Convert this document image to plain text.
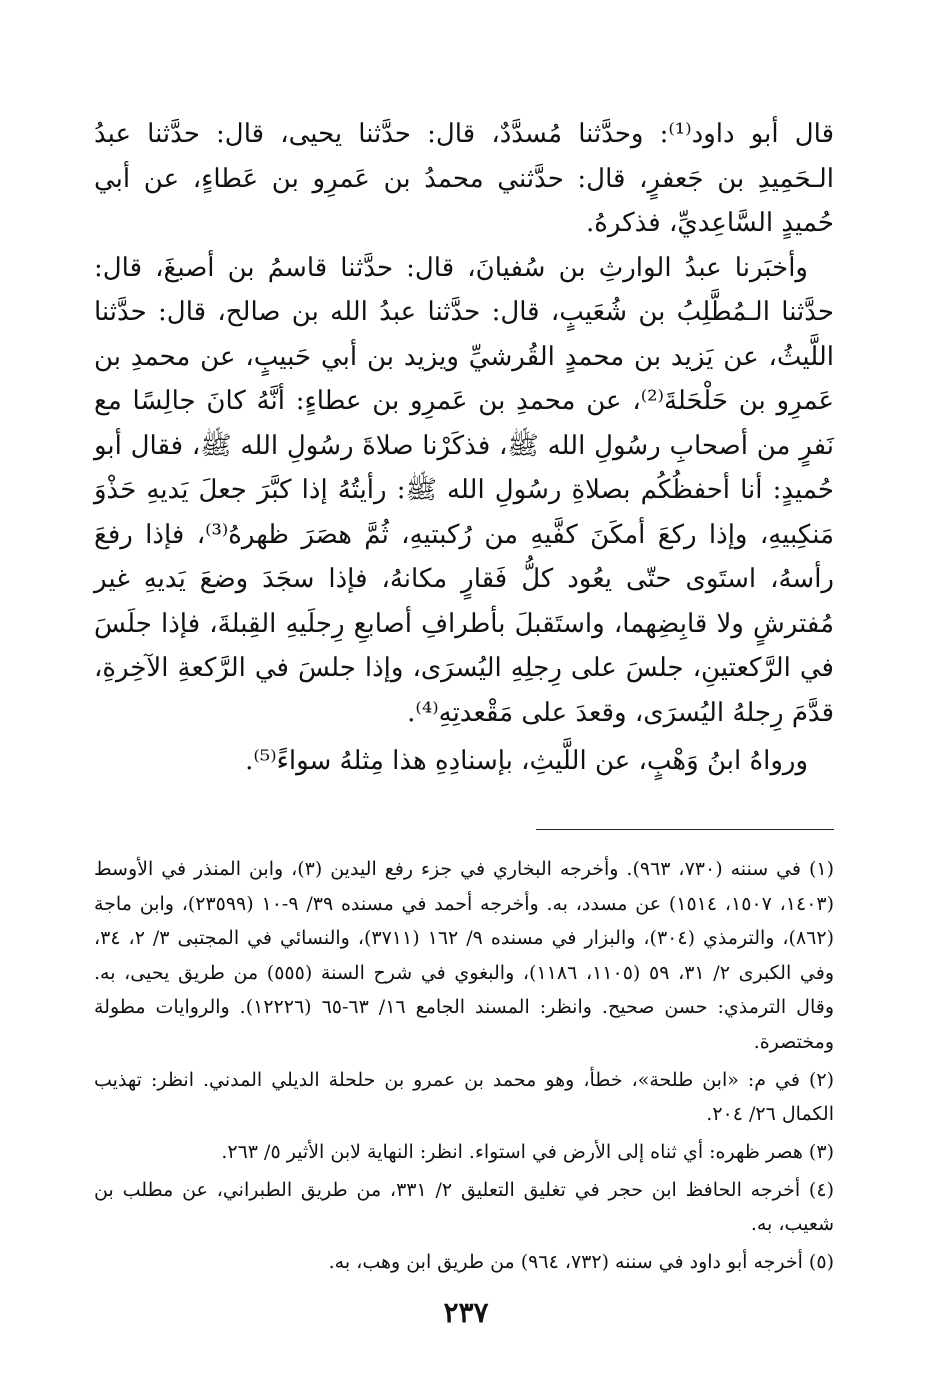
قال أبو داود⁽¹⁾: وحدَّثنا مُسدَّدٌ، قال: حدَّثنا يحيى، قال: حدَّثنا عبدُ الـحَمِيدِ بن جَعفرٍ، قال: حدَّثني محمدُ بن عَمرِو بن عَطاءٍ، عن أبي حُميدٍ السَّاعِديِّ، فذكرهُ.

وأخبَرنا عبدُ الوارثِ بن سُفيانَ، قال: حدَّثنا قاسمُ بن أصبغَ، قال: حدَّثنا الـمُطَّلِبُ بن شُعَيبٍ، قال: حدَّثنا عبدُ الله بن صالح، قال: حدَّثنا اللَّيثُ، عن يَزيد بن محمدٍ القُرشيِّ ويزيد بن أبي حَبيبٍ، عن محمدِ بن عَمرِو بن حَلْحَلةَ⁽²⁾، عن محمدِ بن عَمرِو بن عطاءٍ: أنَّهُ كانَ جالِسًا مع نَفرٍ من أصحابِ رسُولِ الله ﷺ، فذكَرْنا صلاةَ رسُولِ الله ﷺ، فقال أبو حُميدٍ: أنا أحفظُكُم بصلاةِ رسُولِ الله ﷺ: رأيتُهُ إذا كبَّرَ جعلَ يَديهِ حَذْوَ مَنكِبيهِ، وإذا ركعَ أمكَنَ كفَّيهِ من رُكبتيهِ، ثُمَّ هصَرَ ظهرهُ⁽³⁾، فإذا رفعَ رأسهُ، استَوى حتّى يعُود كلُّ فَقارٍ مكانهُ، فإذا سجَدَ وضعَ يَديهِ غير مُفترشٍ ولا قابِضِهما، واستَقبلَ بأطرافِ أصابعِ رِجلَيهِ القِبلةَ، فإذا جلَسَ في الرَّكعتينِ، جلسَ على رِجلِهِ اليُسرَى، وإذا جلسَ في الرَّكعةِ الآخِرةِ، قدَّمَ رِجلهُ اليُسرَى، وقعدَ على مَقْعدتِهِ⁽⁴⁾.

ورواهُ ابنُ وَهْبٍ، عن اللَّيثِ، بإسنادِهِ هذا مِثلهُ سواءً⁽⁵⁾.

(١) في سننه (٧٣٠، ٩٦٣). وأخرجه البخاري في جزء رفع اليدين (٣)، وابن المنذر في الأوسط (١٤٠٣، ١٥٠٧، ١٥١٤) عن مسدد، به. وأخرجه أحمد في مسنده ٣٩/ ٩-١٠ (٢٣٥٩٩)، وابن ماجة (٨٦٢)، والترمذي (٣٠٤)، والبزار في مسنده ٩/ ١٦٢ (٣٧١١)، والنسائي في المجتبى ٣/ ٢، ٣٤، وفي الكبرى ٢/ ٣١، ٥٩ (١١٠٥، ١١٨٦)، والبغوي في شرح السنة (٥٥٥) من طريق يحيى، به. وقال الترمذي: حسن صحيح. وانظر: المسند الجامع ١٦/ ٦٣-٦٥ (١٢٢٢٦). والروايات مطولة ومختصرة.

(٢) في م: «ابن طلحة»، خطأ، وهو محمد بن عمرو بن حلحلة الديلي المدني. انظر: تهذيب الكمال ٢٦/ ٢٠٤.

(٣) هصر ظهره: أي ثناه إلى الأرض في استواء. انظر: النهاية لابن الأثير ٥/ ٢٦٣.

(٤) أخرجه الحافظ ابن حجر في تغليق التعليق ٢/ ٣٣١، من طريق الطبراني، عن مطلب بن شعيب، به.

(٥) أخرجه أبو داود في سننه (٧٣٢، ٩٦٤) من طريق ابن وهب، به.

٢٣٧
